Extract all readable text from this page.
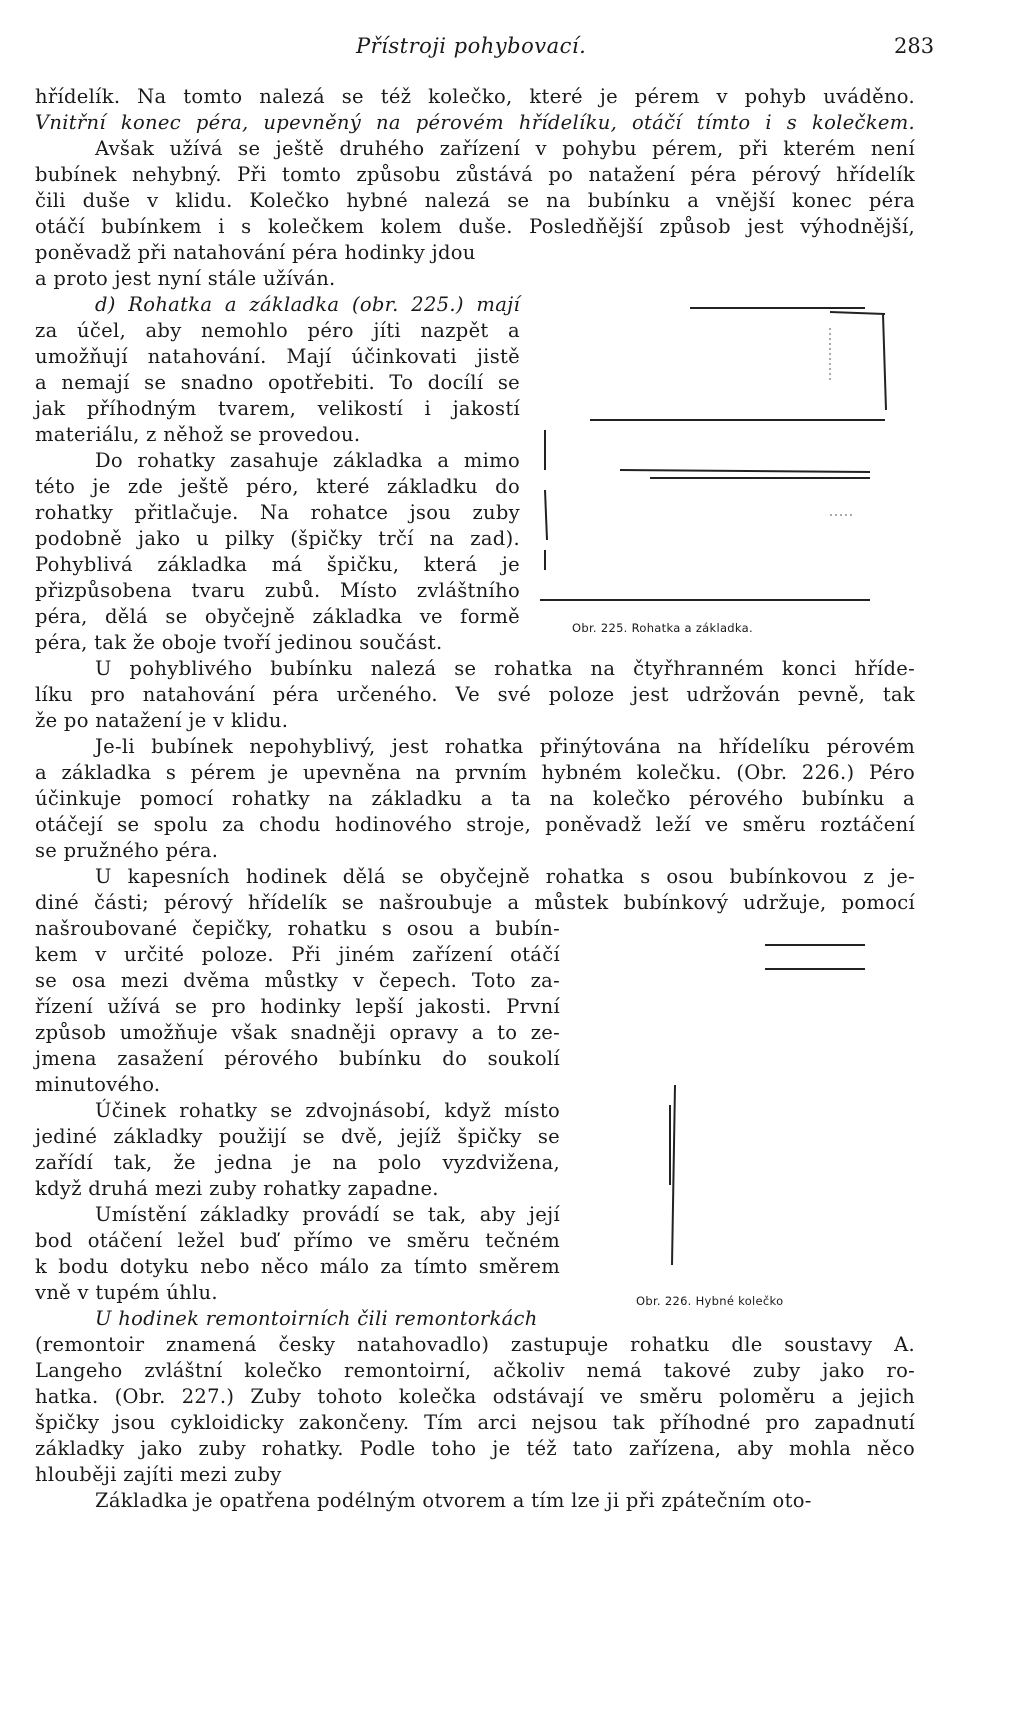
Přístroji pohybovací.	283
hřídelík. Na tomto nalezá se též kolečko, které je pérem v pohyb uváděno.
Vnitřní konec péra, upevněný na pérovém hřídelíku, otáčí tímto i s kolečkem.
Avšak užívá se ještě druhého zařízení v pohybu pérem, při kterém není
bubínek nehybný. Při tomto způsobu zůstává po natažení péra pérový hřídelík
čili duše v klidu. Kolečko hybné nalezá se na bubínku a vnější konec péra
otáčí bubínkem i s kolečkem kolem duše. Posledňější způsob jest výhodnější,
poněvadž při natahování péra hodinky jdou
a proto jest nyní stále užíván.
d) Rohatka a základka (obr. 225.) mají
za účel, aby nemohlo péro jíti nazpět a
umožňují natahování. Mají účinkovati jistě
a nemají se snadno opotřebiti. To docílí se
jak příhodným tvarem, velikostí i jakostí
materiálu, z něhož se provedou.
Do rohatky zasahuje základka a mimo
této je zde ještě péro, které základku do
rohatky přitlačuje. Na rohatce jsou zuby
podobně jako u pilky (špičky trčí na zad).
Pohyblivá základka má špičku, která je
přizpůsobena tvaru zubů. Místo zvláštního
péra, dělá se obyčejně základka ve formě
péra, tak že oboje tvoří jedinou součást.
Obr. 225. Rohatka a základka.
U pohyblivého bubínku nalezá se rohatka na čtyřhranném konci hříde-
líku pro natahování péra určeného. Ve své poloze jest udržován pevně, tak
že po natažení je v klidu.
Je-li bubínek nepohyblivý, jest rohatka přinýtována na hřídelíku pérovém
a základka s pérem je upevněna na prvním hybném kolečku. (Obr. 226.) Péro
účinkuje pomocí rohatky na základku a ta na kolečko pérového bubínku a
otáčejí se spolu za chodu hodinového stroje, poněvadž leží ve směru roztáčení
se pružného péra.
U kapesních hodinek dělá se obyčejně rohatka s osou bubínkovou z je-
diné části; pérový hřídelík se našroubuje a můstek bubínkový udržuje, pomocí
našroubované čepičky, rohatku s osou a bubín-
kem v určité poloze. Při jiném zařízení otáčí
se osa mezi dvěma můstky v čepech. Toto za-
řízení užívá se pro hodinky lepší jakosti. První
způsob umožňuje však snadněji opravy a to ze-
jmena zasažení pérového bubínku do soukolí
minutového.
Účinek rohatky se zdvojnásobí, když místo
jediné základky použijí se dvě, jejíž špičky se
zařídí tak, že jedna je na polo vyzdvižena,
když druhá mezi zuby rohatky zapadne.
Umístění základky provádí se tak, aby její
bod otáčení ležel buď přímo ve směru tečném
k bodu dotyku nebo něco málo za tímto směrem
vně v tupém úhlu.	Obr. 226. Hybné kolečko
U hodinek remontoirních čili remontorkách
(remontoir znamená česky natahovadlo) zastupuje rohatku dle soustavy A.
Langeho zvláštní kolečko remontoirní, ačkoliv nemá takové zuby jako ro-
hatka. (Obr. 227.) Zuby tohoto kolečka odstávají ve směru poloměru a jejich
špičky jsou cykloidicky zakončeny. Tím arci nejsou tak příhodné pro zapadnutí
základky jako zuby rohatky. Podle toho je též tato zařízena, aby mohla něco
hlouběji zajíti mezi zuby
Základka je opatřena podélným otvorem a tím lze ji při zpátečním oto-
